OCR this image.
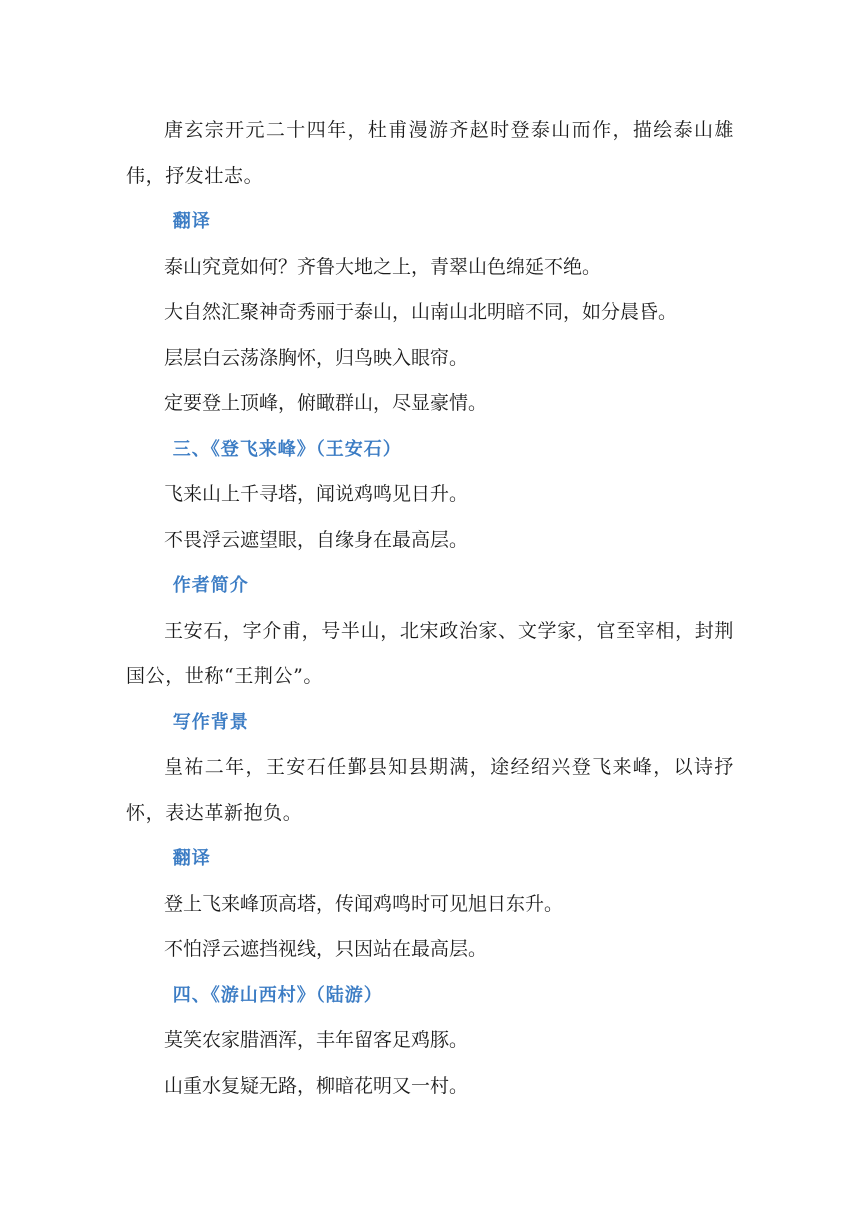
唐玄宗开元二十四年，杜甫漫游齐赵时登泰山而作，描绘泰山雄伟，抒发壮志。

翻译

泰山究竟如何？齐鲁大地之上，青翠山色绵延不绝。

大自然汇聚神奇秀丽于泰山，山南山北明暗不同，如分晨昏。

层层白云荡涤胸怀，归鸟映入眼帘。

定要登上顶峰，俯瞰群山，尽显豪情。

三、《登飞来峰》（王安石）

飞来山上千寻塔，闻说鸡鸣见日升。

不畏浮云遮望眼，自缘身在最高层。

作者简介

王安石，字介甫，号半山，北宋政治家、文学家，官至宰相，封荆国公，世称“王荆公”。

写作背景

皇祐二年，王安石任鄞县知县期满，途经绍兴登飞来峰，以诗抒怀，表达革新抱负。

翻译

登上飞来峰顶高塔，传闻鸡鸣时可见旭日东升。

不怕浮云遮挡视线，只因站在最高层。

四、《游山西村》（陆游）

莫笑农家腊酒浑，丰年留客足鸡豚。

山重水复疑无路，柳暗花明又一村。
